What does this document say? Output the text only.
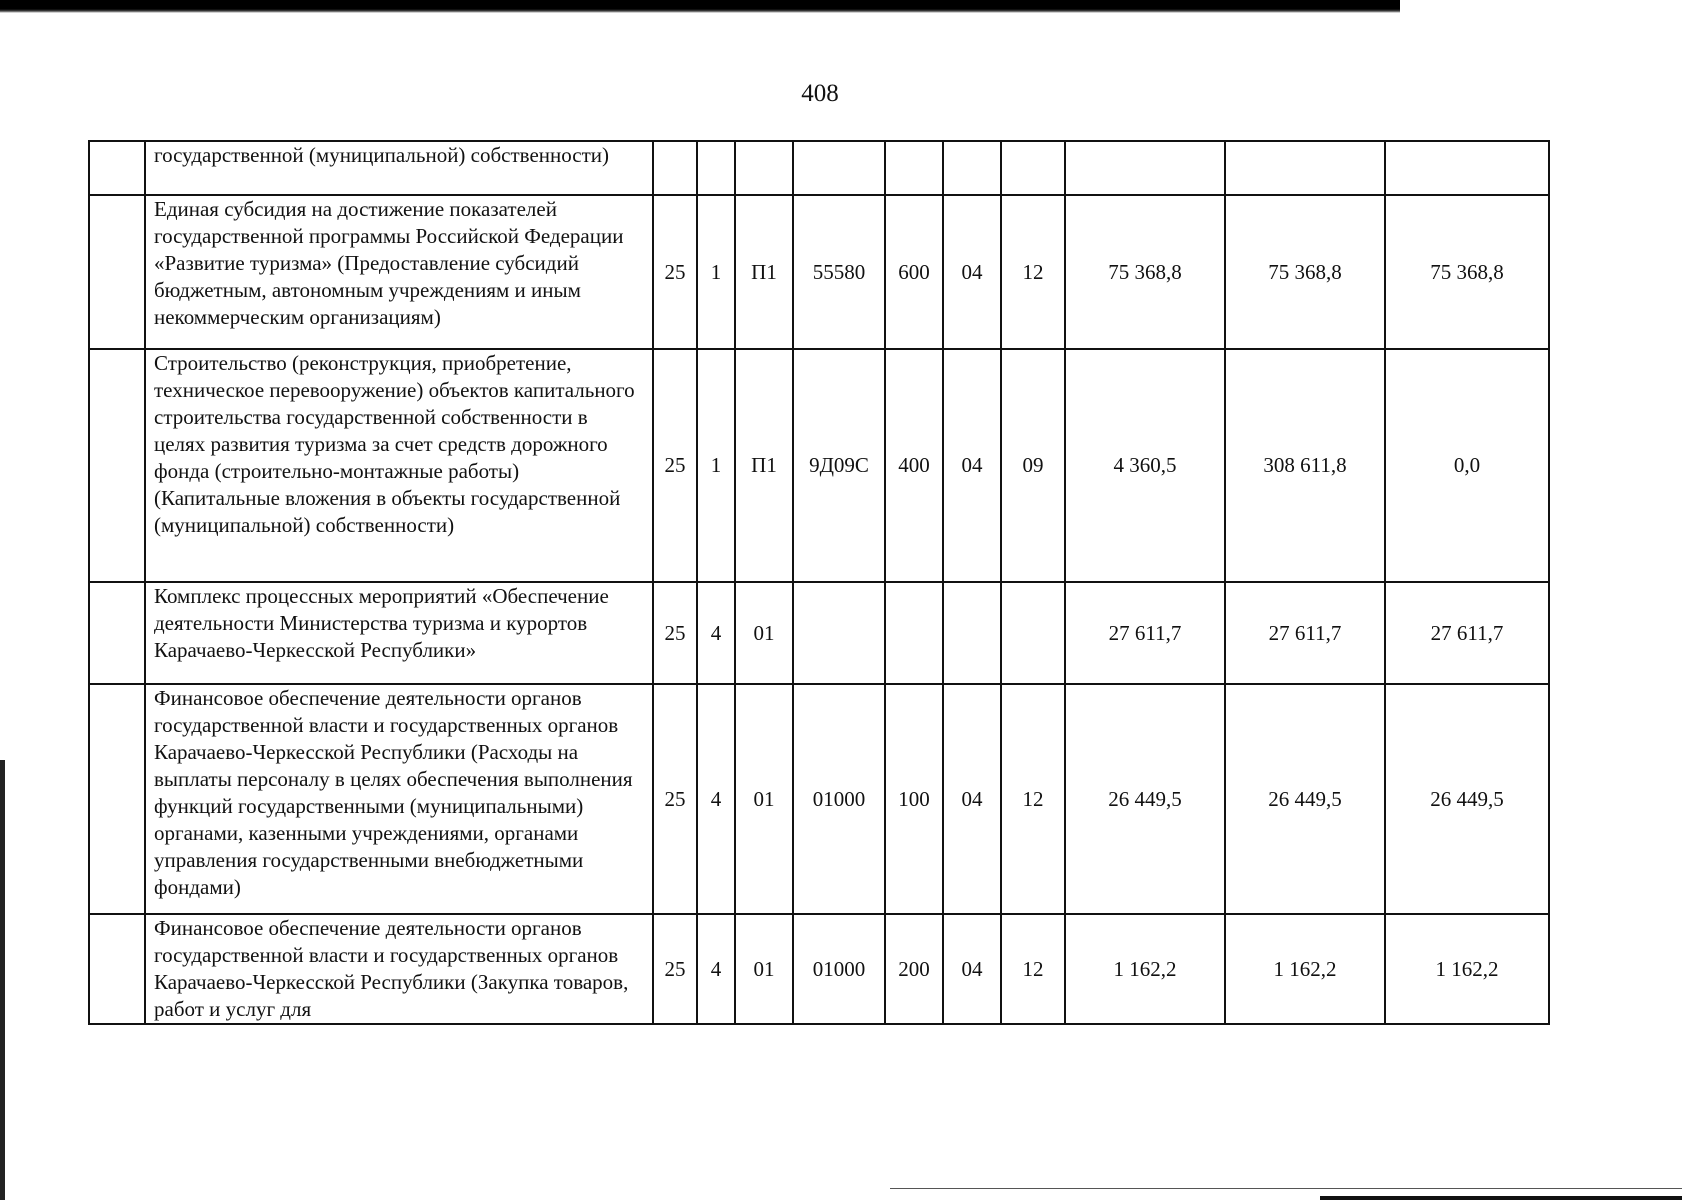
408
	государственной (муниципальной) собственности)										
	Единая субсидия на достижение показателей государственной программы Российской Федерации «Развитие туризма» (Предоставление субсидий бюджетным, автономным учреждениям и иным некоммерческим организациям)	25	1	П1	55580	600	04	12	75 368,8	75 368,8	75 368,8
	Строительство (реконструкция, приобретение, техническое перевооружение) объектов капитального строительства государственной собственности в целях развития туризма за счет средств дорожного фонда (строительно-монтажные работы) (Капитальные вложения в объекты государственной (муниципальной) собственности)	25	1	П1	9Д09С	400	04	09	4 360,5	308 611,8	0,0
	Комплекс процессных мероприятий «Обеспечение деятельности Министерства туризма и курортов Карачаево-Черкесской Республики»	25	4	01					27 611,7	27 611,7	27 611,7
	Финансовое обеспечение деятельности органов государственной власти и государственных органов Карачаево-Черкесской Республики (Расходы на выплаты персоналу в целях обеспечения выполнения функций государственными (муниципальными) органами, казенными учреждениями, органами управления государственными внебюджетными фондами)	25	4	01	01000	100	04	12	26 449,5	26 449,5	26 449,5
	Финансовое обеспечение деятельности органов государственной власти и государственных органов Карачаево-Черкесской Республики (Закупка товаров, работ и услуг для	25	4	01	01000	200	04	12	1 162,2	1 162,2	1 162,2
